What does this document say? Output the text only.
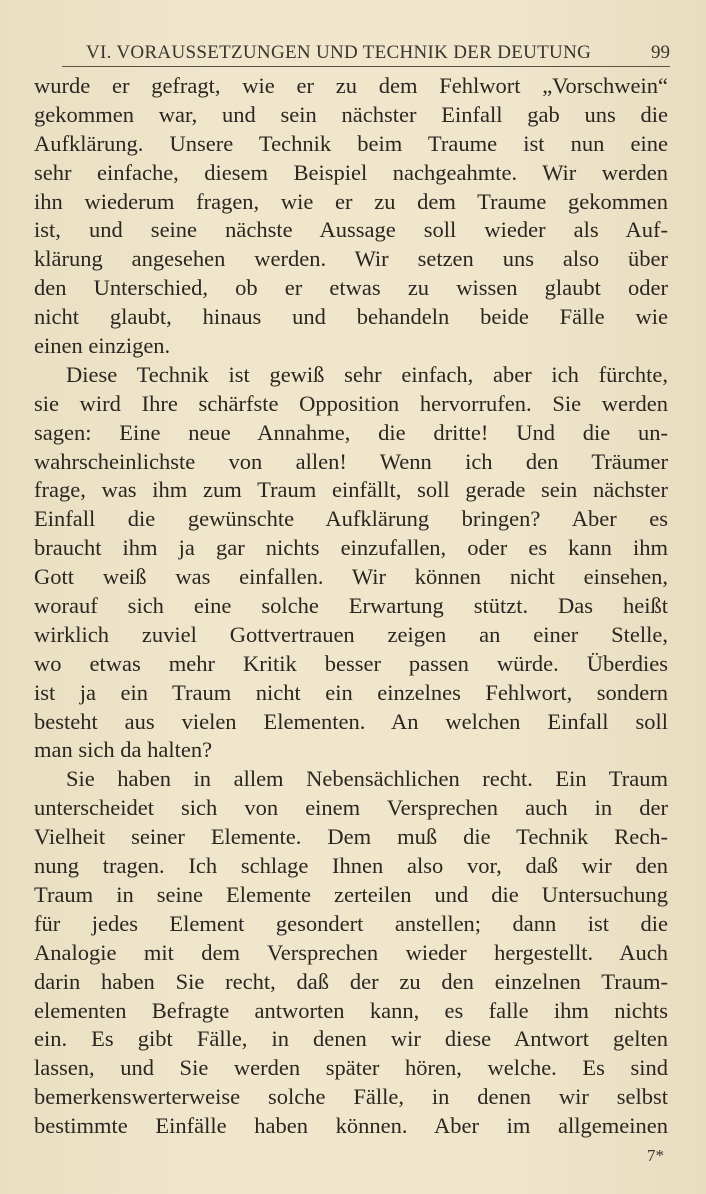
VI. VORAUSSETZUNGEN UND TECHNIK DER DEUTUNG	99
wurde er gefragt, wie er zu dem Fehlwort „Vorschwein“
gekommen war, und sein nächster Einfall gab uns die
Aufklärung. Unsere Technik beim Traume ist nun eine
sehr einfache, diesem Beispiel nachgeahmte. Wir werden
ihn wiederum fragen, wie er zu dem Traume gekommen
ist, und seine nächste Aussage soll wieder als Auf-
klärung angesehen werden. Wir setzen uns also über
den Unterschied, ob er etwas zu wissen glaubt oder
nicht glaubt, hinaus und behandeln beide Fälle wie
einen einzigen.
Diese Technik ist gewiß sehr einfach, aber ich fürchte,
sie wird Ihre schärfste Opposition hervorrufen. Sie werden
sagen: Eine neue Annahme, die dritte! Und die un-
wahrscheinlichste von allen! Wenn ich den Träumer
frage, was ihm zum Traum einfällt, soll gerade sein nächster
Einfall die gewünschte Aufklärung bringen? Aber es
braucht ihm ja gar nichts einzufallen, oder es kann ihm
Gott weiß was einfallen. Wir können nicht einsehen,
worauf sich eine solche Erwartung stützt. Das heißt
wirklich zuviel Gottvertrauen zeigen an einer Stelle,
wo etwas mehr Kritik besser passen würde. Überdies
ist ja ein Traum nicht ein einzelnes Fehlwort, sondern
besteht aus vielen Elementen. An welchen Einfall soll
man sich da halten?
Sie haben in allem Nebensächlichen recht. Ein Traum
unterscheidet sich von einem Versprechen auch in der
Vielheit seiner Elemente. Dem muß die Technik Rech-
nung tragen. Ich schlage Ihnen also vor, daß wir den
Traum in seine Elemente zerteilen und die Untersuchung
für jedes Element gesondert anstellen; dann ist die
Analogie mit dem Versprechen wieder hergestellt. Auch
darin haben Sie recht, daß der zu den einzelnen Traum-
elementen Befragte antworten kann, es falle ihm nichts
ein. Es gibt Fälle, in denen wir diese Antwort gelten
lassen, und Sie werden später hören, welche. Es sind
bemerkenswerterweise solche Fälle, in denen wir selbst
bestimmte Einfälle haben können. Aber im allgemeinen
7*
